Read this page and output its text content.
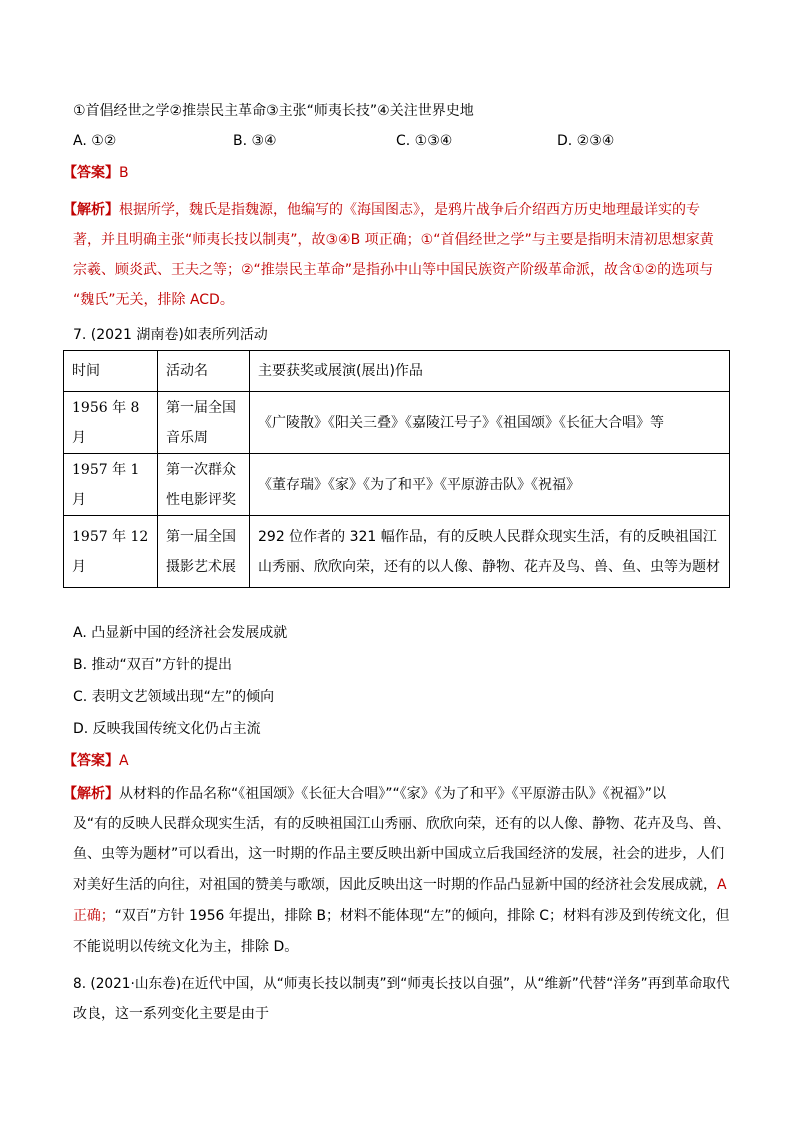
①首倡经世之学②推崇民主革命③主张“师夷长技”④关注世界史地
A. ①②	B. ③④	C. ①③④	D. ②③④
【答案】B
【解析】根据所学，魏氏是指魏源，他编写的《海国图志》，是鸦片战争后介绍西方历史地理最详实的专
著，并且明确主张“师夷长技以制夷”，故③④B 项正确；①“首倡经世之学”与主要是指明末清初思想家黄
宗羲、顾炎武、王夫之等；②“推崇民主革命”是指孙中山等中国民族资产阶级革命派，故含①②的选项与
“魏氏”无关，排除 ACD。
7. (2021 湖南卷)如表所列活动
时间	活动名	主要获奖或展演(展出)作品
1956 年 8 月	第一届全国音乐周	《广陵散》《阳关三叠》《嘉陵江号子》《祖国颂》《长征大合唱》等
1957 年 1 月	第一次群众性电影评奖	《董存瑞》《家》《为了和平》《平原游击队》《祝福》
1957 年 12 月	第一届全国摄影艺术展	292 位作者的 321 幅作品，有的反映人民群众现实生活，有的反映祖国江山秀丽、欣欣向荣，还有的以人像、静物、花卉及鸟、兽、鱼、虫等为题材
A. 凸显新中国的经济社会发展成就
B. 推动“双百”方针的提出
C. 表明文艺领域出现“左”的倾向
D. 反映我国传统文化仍占主流
【答案】A
【解析】从材料的作品名称“《祖国颂》《长征大合唱》”“《家》《为了和平》《平原游击队》《祝福》”以
及“有的反映人民群众现实生活，有的反映祖国江山秀丽、欣欣向荣，还有的以人像、静物、花卉及鸟、兽、
鱼、虫等为题材”可以看出，这一时期的作品主要反映出新中国成立后我国经济的发展，社会的进步，人们
对美好生活的向往，对祖国的赞美与歌颂，因此反映出这一时期的作品凸显新中国的经济社会发展成就，A
正确；“双百”方针 1956 年提出，排除 B；材料不能体现“左”的倾向，排除 C；材料有涉及到传统文化，但
不能说明以传统文化为主，排除 D。
8. (2021·山东卷)在近代中国，从“师夷长技以制夷”到“师夷长技以自强”，从“维新”代替“洋务”再到革命取代
改良，这一系列变化主要是由于
